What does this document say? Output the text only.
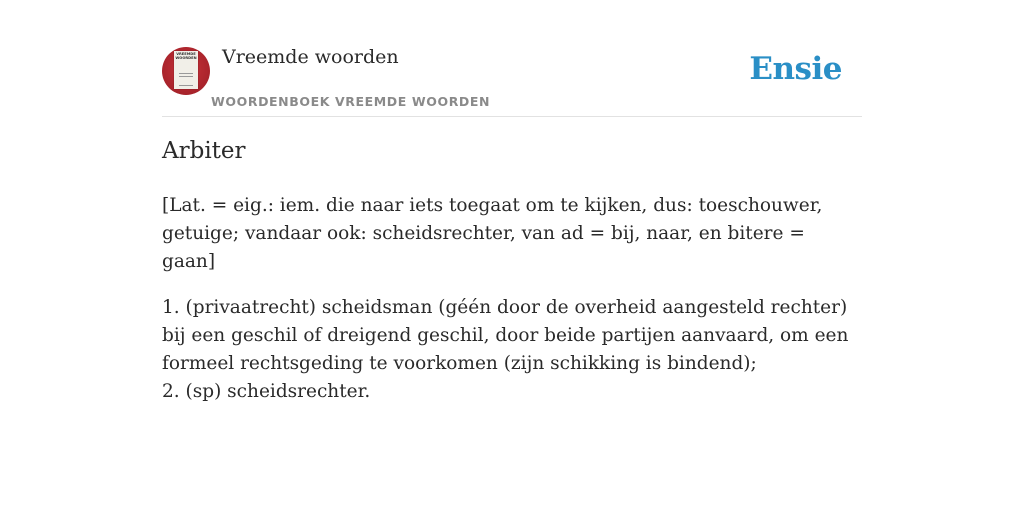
VREEMDE WOORDEN Vreemde woorden
WOORDENBOEK VREEMDE WOORDEN
Ensie
Arbiter

[Lat. = eig.: iem. die naar iets toegaat om te kijken, dus: toeschouwer, getuige; vandaar ook: scheidsrechter, van ad = bij, naar, en bitere = gaan]

1. (privaatrecht) scheidsman (géén door de overheid aangesteld rechter) bij een geschil of dreigend geschil, door beide partijen aanvaard, om een formeel rechtsgeding te voorkomen (zijn schikking is bindend);
2. (sp) scheidsrechter.
